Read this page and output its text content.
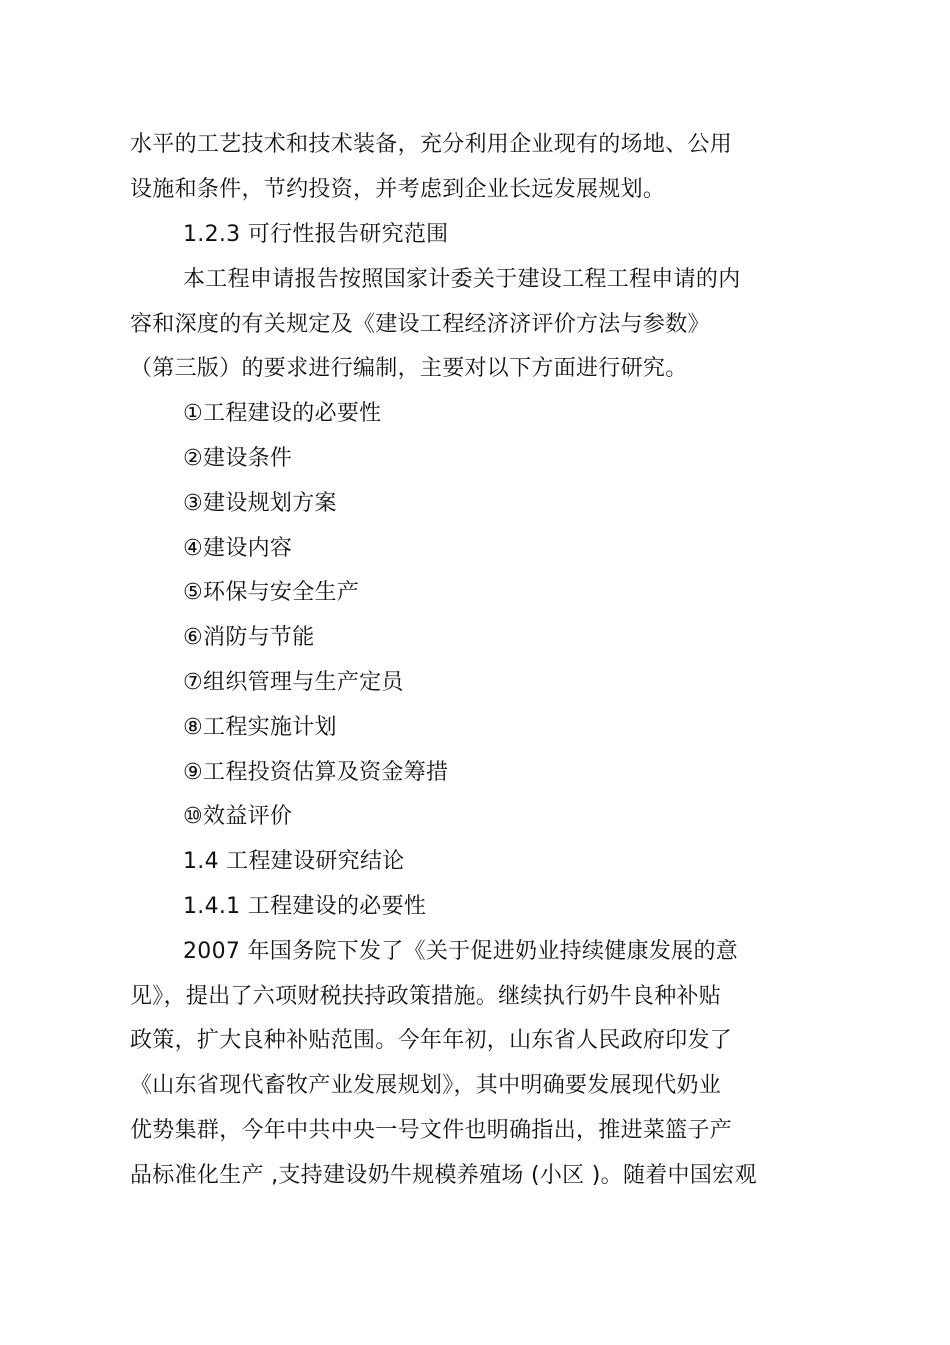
水平的工艺技术和技术装备，充分利用企业现有的场地、公用
设施和条件，节约投资，并考虑到企业长远发展规划。
1.2.3 可行性报告研究范围
本工程申请报告按照国家计委关于建设工程工程申请的内
容和深度的有关规定及《建设工程经济济评价方法与参数》
（第三版）的要求进行编制，主要对以下方面进行研究。
①工程建设的必要性
②建设条件
③建设规划方案
④建设内容
⑤环保与安全生产
⑥消防与节能
⑦组织管理与生产定员
⑧工程实施计划
⑨工程投资估算及资金筹措
⑩效益评价
1.4 工程建设研究结论
1.4.1 工程建设的必要性
2007 年国务院下发了《关于促进奶业持续健康发展的意
见》，提出了六项财税扶持政策措施。继续执行奶牛良种补贴
政策，扩大良种补贴范围。今年年初，山东省人民政府印发了
《山东省现代畜牧产业发展规划》，其中明确要发展现代奶业
优势集群，今年中共中央一号文件也明确指出，推进菜篮子产
品标准化生产 ,支持建设奶牛规模养殖场 (小区 )。随着中国宏观
